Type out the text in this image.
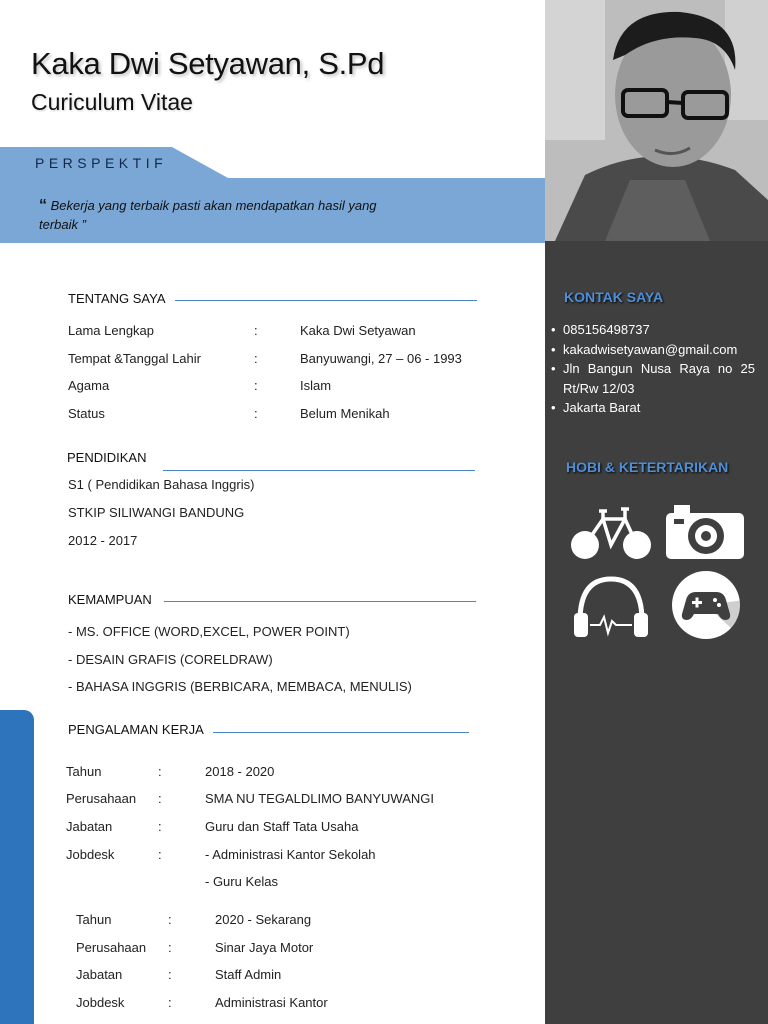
Kaka Dwi Setyawan, S.Pd
Curiculum Vitae
PERSPEKTIF
“ Bekerja yang terbaik pasti akan mendapatkan hasil yang terbaik ”
KONTAK SAYA
• 085156498737
• kakadwisetyawan@gmail.com
• Jln Bangun Nusa Raya no 25 Rt/Rw 12/03
• Jakarta Barat
HOBI & KETERTARIKAN
TENTANG SAYA
Lama Lengkap	:	Kaka Dwi Setyawan
Tempat &Tanggal Lahir	:	Banyuwangi, 27 – 06 - 1993
Agama	:	Islam
Status	:	Belum Menikah
PENDIDIKAN
S1 ( Pendidikan Bahasa Inggris)
STKIP SILIWANGI BANDUNG
2012 - 2017
KEMAMPUAN
- MS. OFFICE (WORD,EXCEL, POWER POINT)
- DESAIN GRAFIS (CORELDRAW)
- BAHASA INGGRIS (BERBICARA, MEMBACA, MENULIS)
PENGALAMAN KERJA
Tahun	:	2018 - 2020
Perusahaan :	SMA NU TEGALDLIMO BANYUWANGI
Jabatan	:	Guru dan Staff Tata Usaha
Jobdesk	:	- Administrasi Kantor Sekolah
- Guru Kelas
Tahun	:	2020 - Sekarang
Perusahaan :	Sinar Jaya Motor
Jabatan	:	Staff Admin
Jobdesk	:	Administrasi Kantor
